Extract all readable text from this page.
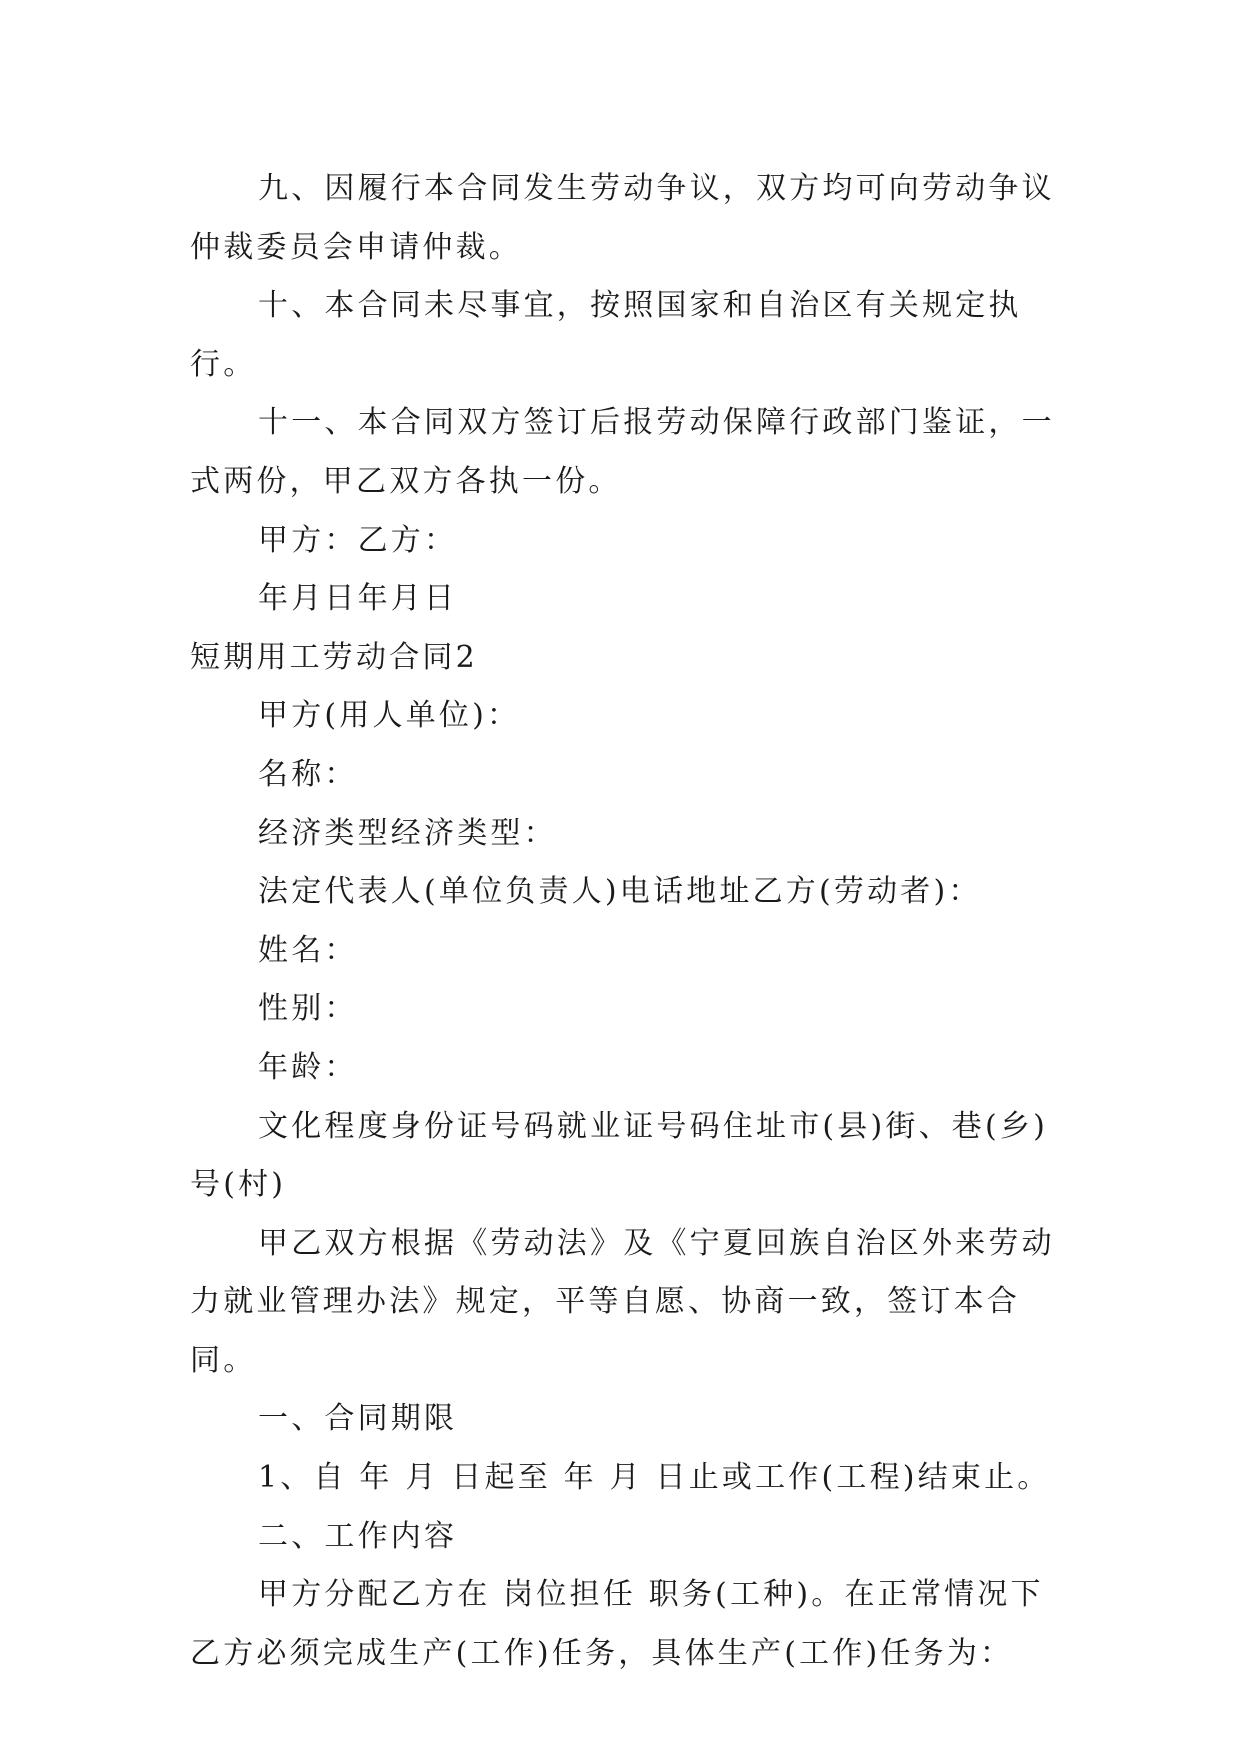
九、因履行本合同发生劳动争议，双方均可向劳动争议仲裁委员会申请仲裁。

十、本合同未尽事宜，按照国家和自治区有关规定执行。

十一、本合同双方签订后报劳动保障行政部门鉴证，一式两份，甲乙双方各执一份。

甲方：乙方：

年月日年月日

短期用工劳动合同2

甲方(用人单位)：

名称：

经济类型经济类型：

法定代表人(单位负责人)电话地址乙方(劳动者)：

姓名：

性别：

年龄：

文化程度身份证号码就业证号码住址市(县)街、巷(乡)号(村)

甲乙双方根据《劳动法》及《宁夏回族自治区外来劳动力就业管理办法》规定，平等自愿、协商一致，签订本合同。

一、合同期限

1、自 年 月 日起至 年 月 日止或工作(工程)结束止。

二、工作内容

甲方分配乙方在 岗位担任 职务(工种)。在正常情况下乙方必须完成生产(工作)任务，具体生产(工作)任务为：
